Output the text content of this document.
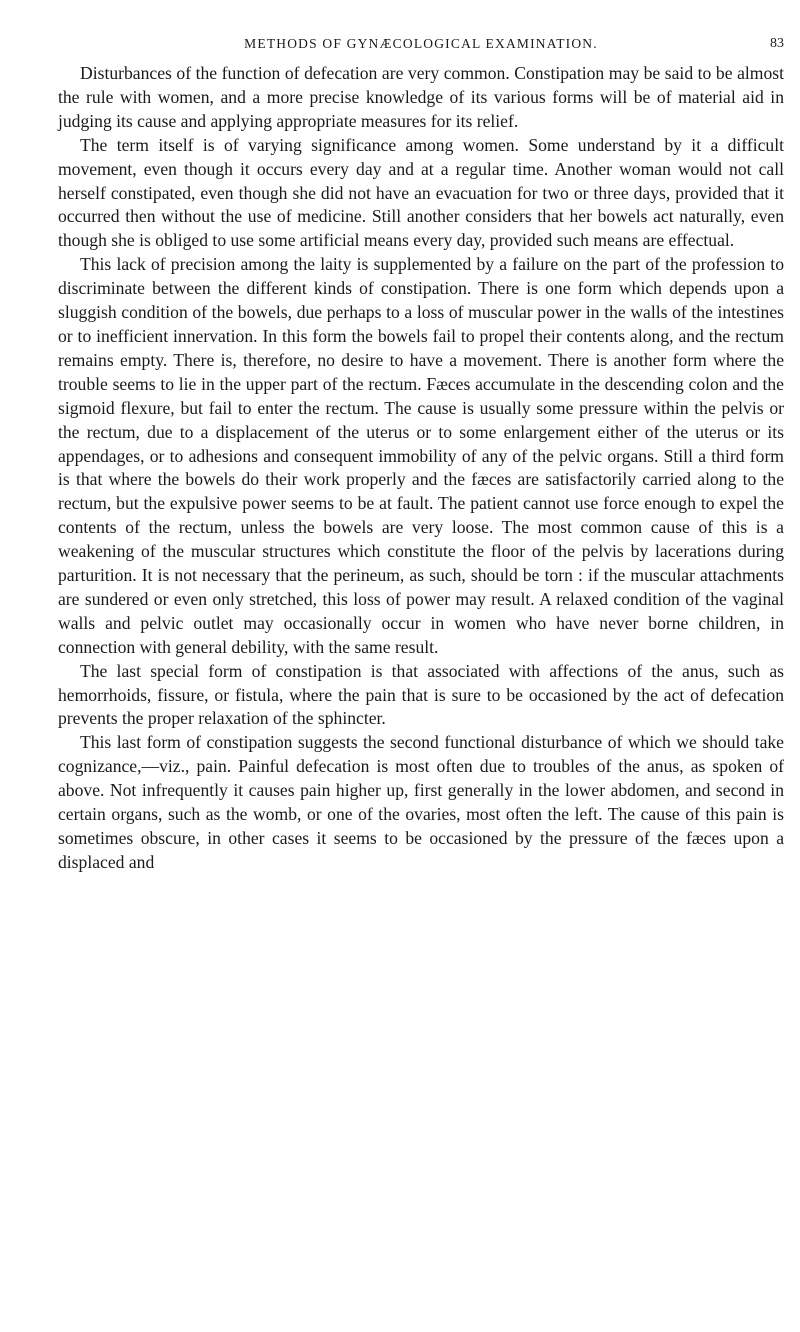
METHODS OF GYNÆCOLOGICAL EXAMINATION.	83

Disturbances of the function of defecation are very common. Constipation may be said to be almost the rule with women, and a more precise knowledge of its various forms will be of material aid in judging its cause and applying appropriate measures for its relief.

The term itself is of varying significance among women. Some understand by it a difficult movement, even though it occurs every day and at a regular time. Another woman would not call herself constipated, even though she did not have an evacuation for two or three days, provided that it occurred then without the use of medicine. Still another considers that her bowels act naturally, even though she is obliged to use some artificial means every day, provided such means are effectual.

This lack of precision among the laity is supplemented by a failure on the part of the profession to discriminate between the different kinds of constipation. There is one form which depends upon a sluggish condition of the bowels, due perhaps to a loss of muscular power in the walls of the intestines or to inefficient innervation. In this form the bowels fail to propel their contents along, and the rectum remains empty. There is, therefore, no desire to have a movement. There is another form where the trouble seems to lie in the upper part of the rectum. Fæces accumulate in the descending colon and the sigmoid flexure, but fail to enter the rectum. The cause is usually some pressure within the pelvis or the rectum, due to a displacement of the uterus or to some enlargement either of the uterus or its appendages, or to adhesions and consequent immobility of any of the pelvic organs. Still a third form is that where the bowels do their work properly and the fæces are satisfactorily carried along to the rectum, but the expulsive power seems to be at fault. The patient cannot use force enough to expel the contents of the rectum, unless the bowels are very loose. The most common cause of this is a weakening of the muscular structures which constitute the floor of the pelvis by lacerations during parturition. It is not necessary that the perineum, as such, should be torn : if the muscular attachments are sundered or even only stretched, this loss of power may result. A relaxed condition of the vaginal walls and pelvic outlet may occasionally occur in women who have never borne children, in connection with general debility, with the same result.

The last special form of constipation is that associated with affections of the anus, such as hemorrhoids, fissure, or fistula, where the pain that is sure to be occasioned by the act of defecation prevents the proper relaxation of the sphincter.

This last form of constipation suggests the second functional disturbance of which we should take cognizance,—viz., pain. Painful defecation is most often due to troubles of the anus, as spoken of above. Not infrequently it causes pain higher up, first generally in the lower abdomen, and second in certain organs, such as the womb, or one of the ovaries, most often the left. The cause of this pain is sometimes obscure, in other cases it seems to be occasioned by the pressure of the fæces upon a displaced and
